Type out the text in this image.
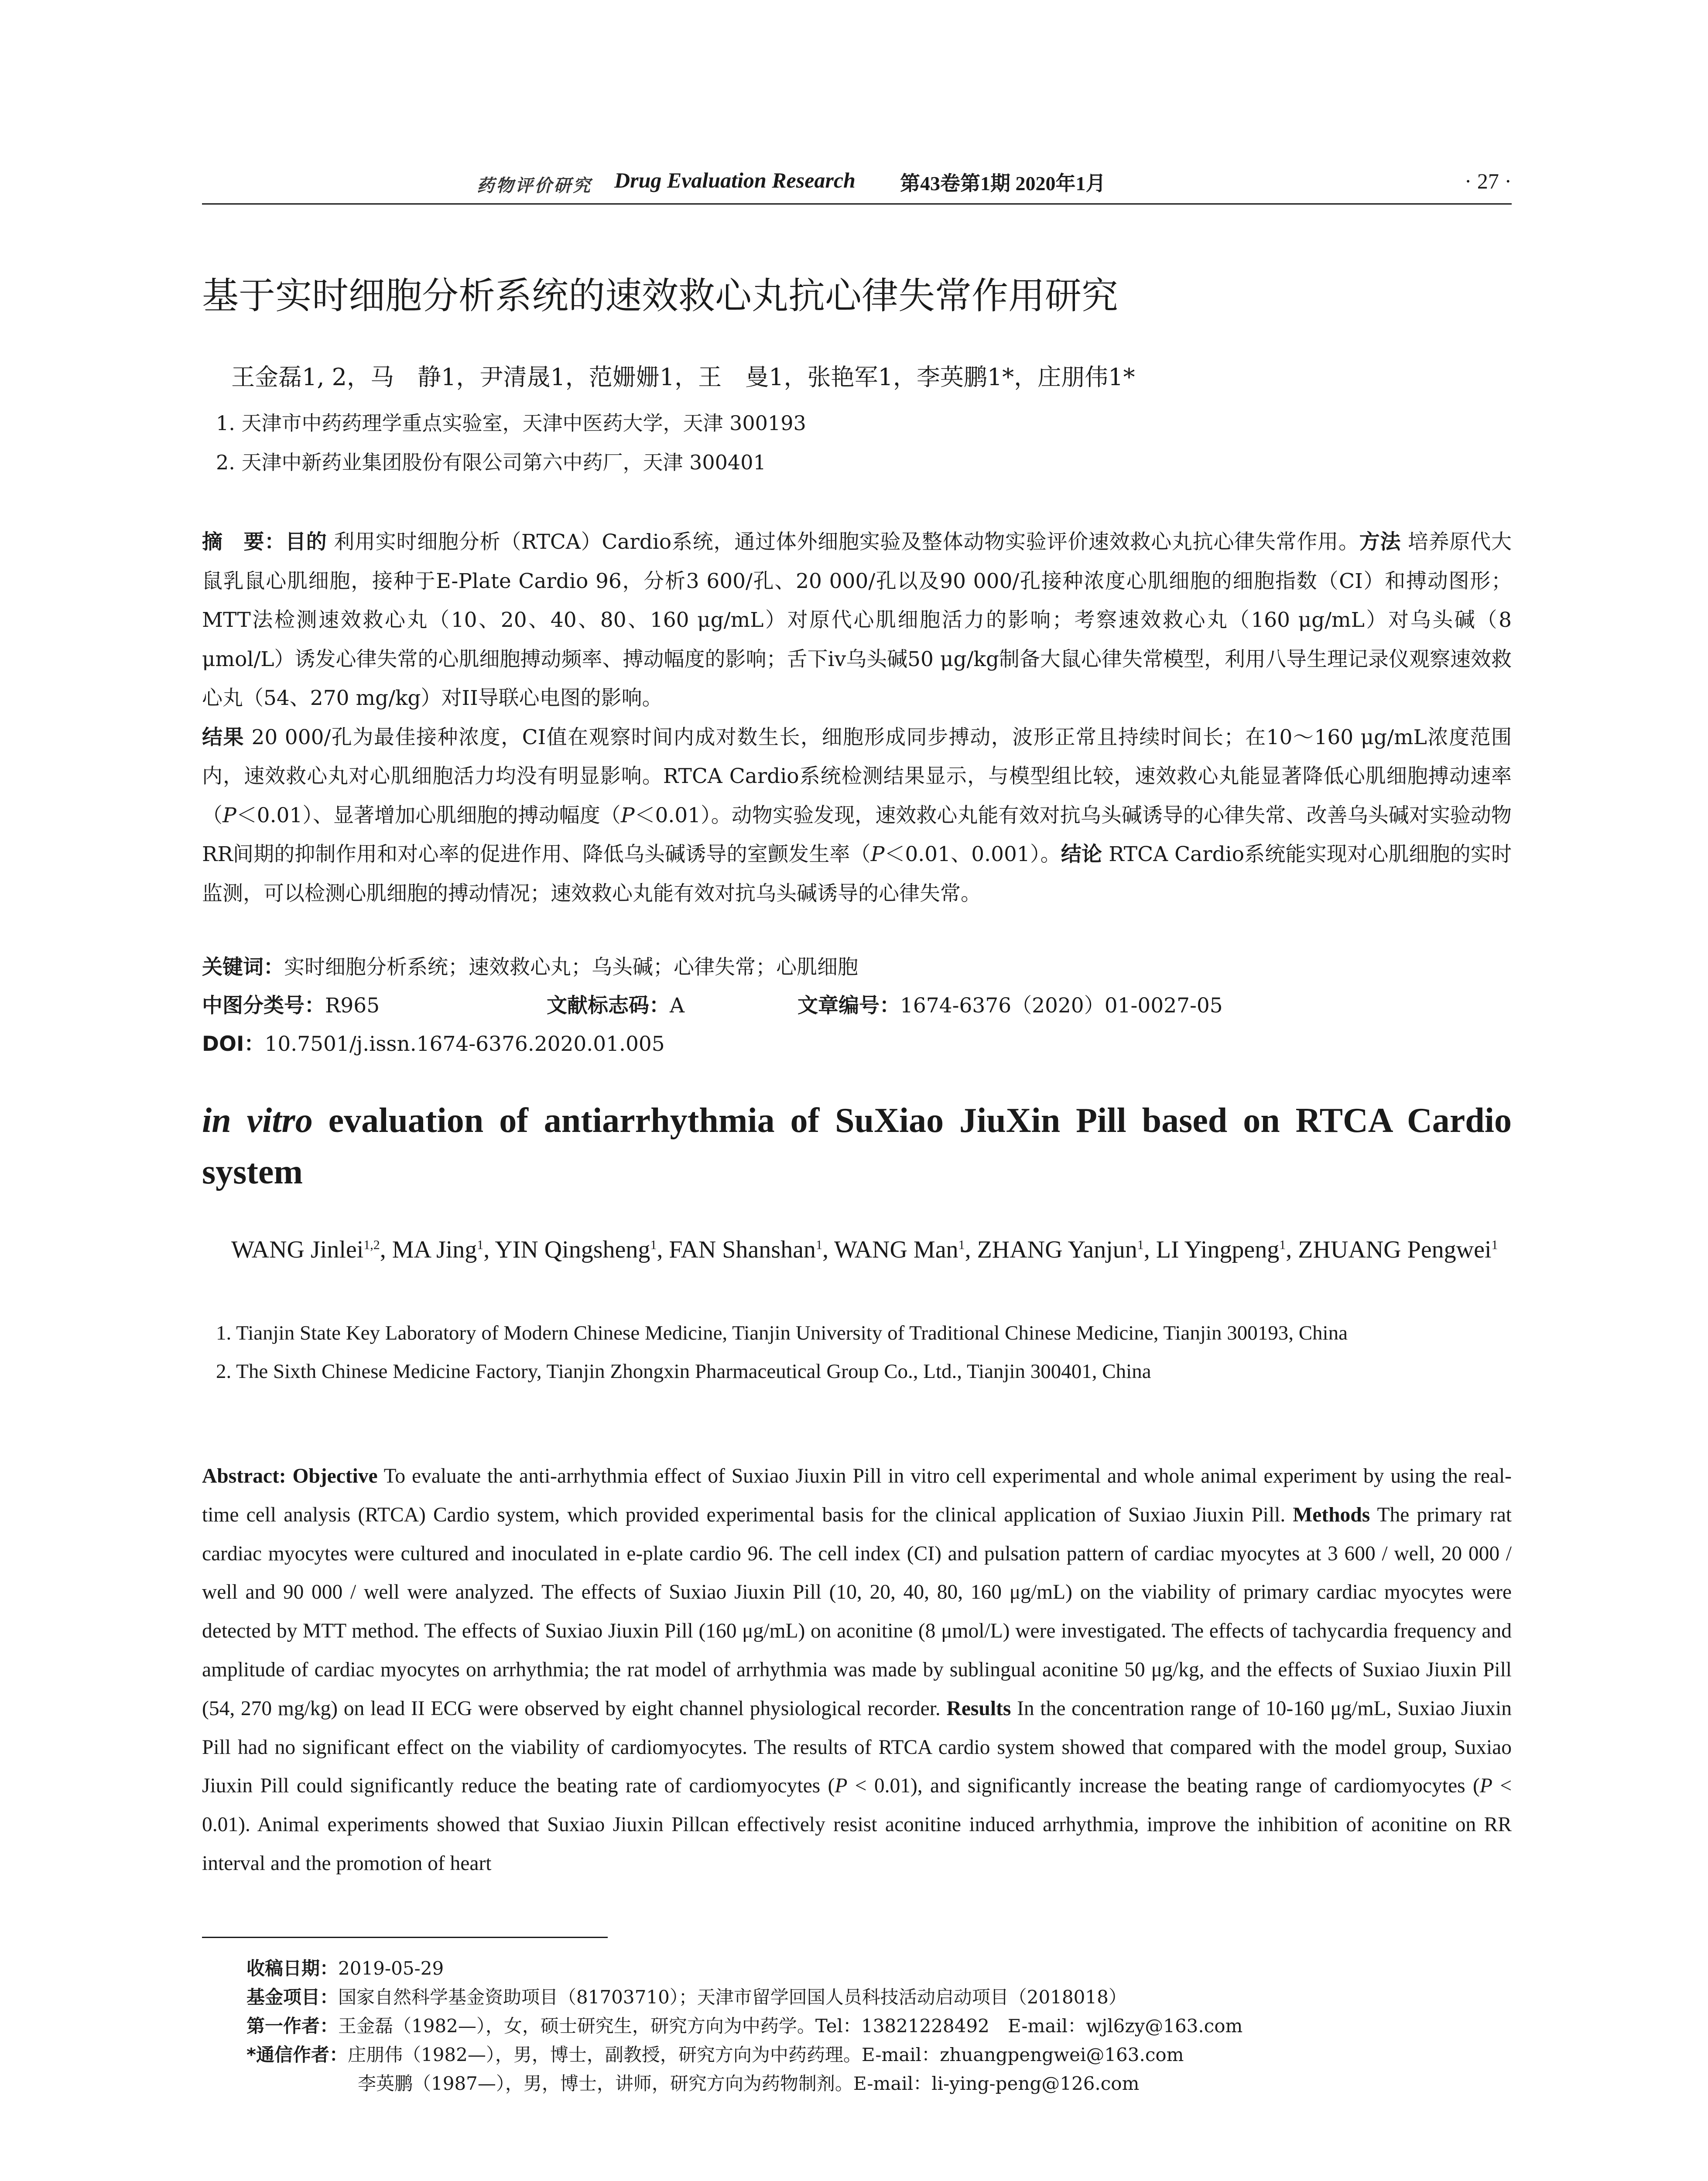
药物评价研究 Drug Evaluation Research 第43卷第1期 2020年1月	· 27 ·
基于实时细胞分析系统的速效救心丸抗心律失常作用研究
王金磊1, 2，马　静1，尹清晟1，范姗姗1，王　曼1，张艳军1，李英鹏1*，庄朋伟1*
1. 天津市中药药理学重点实验室，天津中医药大学，天津 300193
2. 天津中新药业集团股份有限公司第六中药厂，天津 300401

摘　要：目的 利用实时细胞分析（RTCA）Cardio系统，通过体外细胞实验及整体动物实验评价速效救心丸抗心律失常作用。方法 培养原代大鼠乳鼠心肌细胞，接种于E-Plate Cardio 96，分析3 600/孔、20 000/孔以及90 000/孔接种浓度心肌细胞的细胞指数（CI）和搏动图形；MTT法检测速效救心丸（10、20、40、80、160 μg/mL）对原代心肌细胞活力的影响；考察速效救心丸（160 μg/mL）对乌头碱（8 μmol/L）诱发心律失常的心肌细胞搏动频率、搏动幅度的影响；舌下iv乌头碱50 μg/kg制备大鼠心律失常模型，利用八导生理记录仪观察速效救心丸（54、270 mg/kg）对II导联心电图的影响。
结果 20 000/孔为最佳接种浓度，CI值在观察时间内成对数生长，细胞形成同步搏动，波形正常且持续时间长；在10～160 μg/mL浓度范围内，速效救心丸对心肌细胞活力均没有明显影响。RTCA Cardio系统检测结果显示，与模型组比较，速效救心丸能显著降低心肌细胞搏动速率（P＜0.01）、显著增加心肌细胞的搏动幅度（P＜0.01）。动物实验发现，速效救心丸能有效对抗乌头碱诱导的心律失常、改善乌头碱对实验动物RR间期的抑制作用和对心率的促进作用、降低乌头碱诱导的室颤发生率（P＜0.01、0.001）。结论 RTCA Cardio系统能实现对心肌细胞的实时监测，可以检测心肌细胞的搏动情况；速效救心丸能有效对抗乌头碱诱导的心律失常。

关键词：实时细胞分析系统；速效救心丸；乌头碱；心律失常；心肌细胞
中图分类号：R965	文献标志码：A	文章编号：1674-6376（2020）01-0027-05
DOI：10.7501/j.issn.1674-6376.2020.01.005
in vitro evaluation of antiarrhythmia of SuXiao JiuXin Pill based on RTCA Cardio system
WANG Jinlei$^{1,2}$, MA Jing$^1$, YIN Qingsheng$^1$, FAN Shanshan$^1$, WANG Man$^1$, ZHANG Yanjun$^1$, LI Yingpeng$^1$, ZHUANG Pengwei$^1$

1. Tianjin State Key Laboratory of Modern Chinese Medicine, Tianjin University of Traditional Chinese Medicine, Tianjin 300193, China

2. The Sixth Chinese Medicine Factory, Tianjin Zhongxin Pharmaceutical Group Co., Ltd., Tianjin 300401, China

Abstract: Objective To evaluate the anti-arrhythmia effect of Suxiao Jiuxin Pill in vitro cell experimental and whole animal experiment by using the real-time cell analysis (RTCA) Cardio system, which provided experimental basis for the clinical application of Suxiao Jiuxin Pill. Methods The primary rat cardiac myocytes were cultured and inoculated in e-plate cardio 96. The cell index (CI) and pulsation pattern of cardiac myocytes at 3 600 / well, 20 000 / well and 90 000 / well were analyzed. The effects of Suxiao Jiuxin Pill (10, 20, 40, 80, 160 μg/mL) on the viability of primary cardiac myocytes were detected by MTT method. The effects of Suxiao Jiuxin Pill (160 μg/mL) on aconitine (8 μmol/L) were investigated. The effects of tachycardia frequency and amplitude of cardiac myocytes on arrhythmia; the rat model of arrhythmia was made by sublingual aconitine 50 μg/kg, and the effects of Suxiao Jiuxin Pill (54, 270 mg/kg) on lead II ECG were observed by eight channel physiological recorder. Results In the concentration range of 10-160 μg/mL, Suxiao Jiuxin Pill had no significant effect on the viability of cardiomyocytes. The results of RTCA cardio system showed that compared with the model group, Suxiao Jiuxin Pill could significantly reduce the beating rate of cardiomyocytes (P < 0.01), and significantly increase the beating range of cardiomyocytes (P < 0.01). Animal experiments showed that Suxiao Jiuxin Pillcan effectively resist aconitine induced arrhythmia, improve the inhibition of aconitine on RR interval and the promotion of heart

收稿日期：2019-05-29
基金项目：国家自然科学基金资助项目（81703710）；天津市留学回国人员科技活动启动项目（2018018）
第一作者：王金磊（1982—），女，硕士研究生，研究方向为中药学。Tel：13821228492　E-mail：wjl6zy@163.com
*通信作者：庄朋伟（1982—），男，博士，副教授，研究方向为中药药理。E-mail：zhuangpengwei@163.com
李英鹏（1987—），男，博士，讲师，研究方向为药物制剂。E-mail：li-ying-peng@126.com
